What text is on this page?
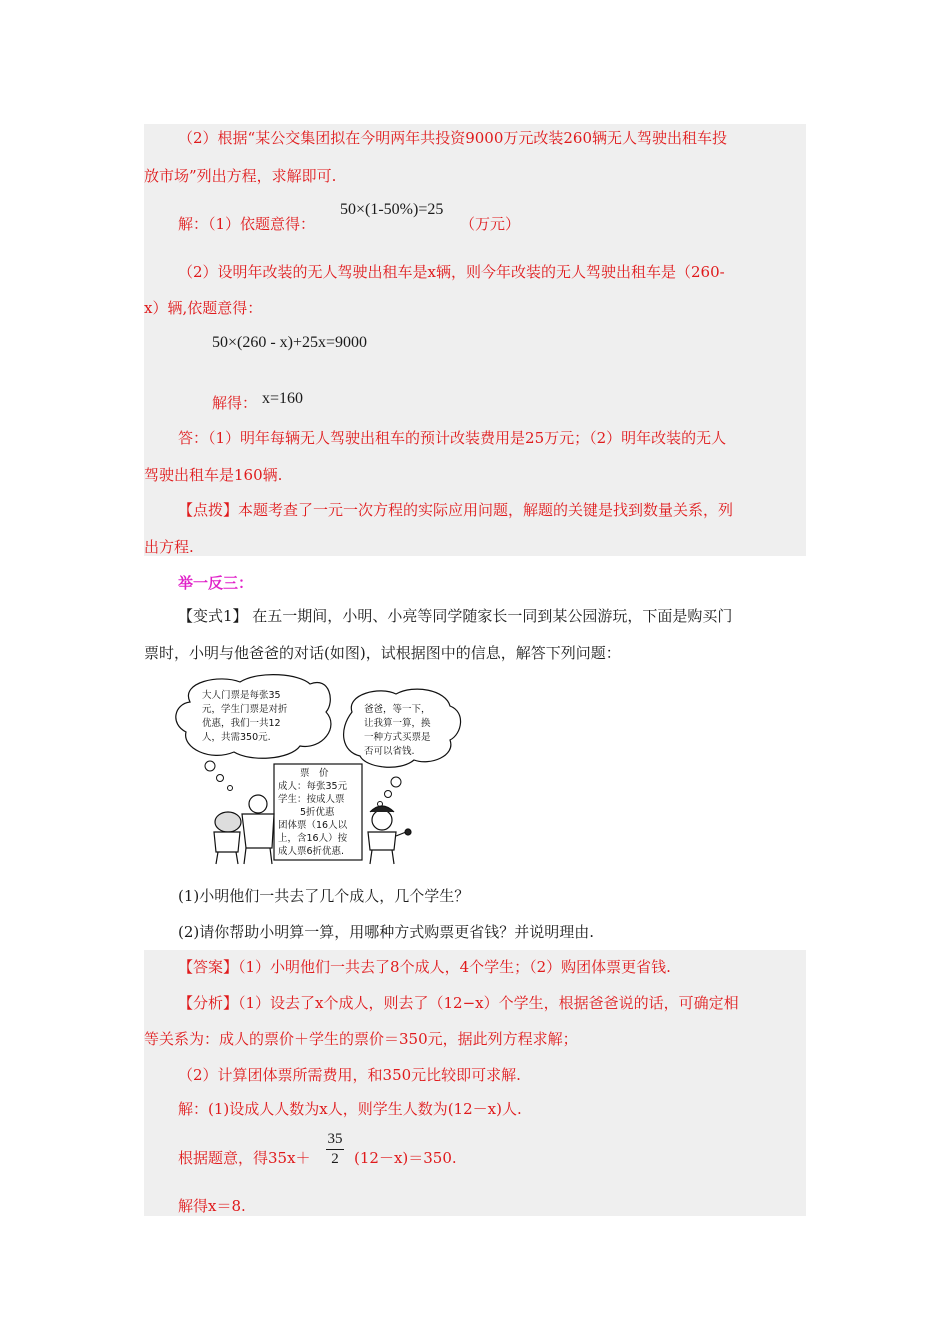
（2）根据“某公交集团拟在今明两年共投资9000万元改装260辆无人驾驶出租车投
放市场”列出方程，求解即可.
解：（1）依题意得：
50×(1-50%)=25
（万元）
（2）设明年改装的无人驾驶出租车是x辆，则今年改装的无人驾驶出租车是（260-
x）辆,依题意得：
50×(260 - x)+25x=9000
解得： x=160
答：（1）明年每辆无人驾驶出租车的预计改装费用是25万元；（2）明年改装的无人
驾驶出租车是160辆.
【点拨】本题考查了一元一次方程的实际应用问题，解题的关键是找到数量关系，列
出方程.
举一反三：
【变式1】 在五一期间，小明、小亮等同学随家长一同到某公园游玩，下面是购买门
票时，小明与他爸爸的对话(如图)，试根据图中的信息，解答下列问题：
大人门票是每张35
元，学生门票是对折
优惠，我们一共12
人，共需350元.
爸爸，等一下，
让我算一算，换
一种方式买票是
否可以省钱.
票　价
成人：每张35元
学生：按成人票
5折优惠
团体票（16人以
上，含16人）按
成人票6折优惠.
(1)小明他们一共去了几个成人，几个学生？
(2)请你帮助小明算一算，用哪种方式购票更省钱？并说明理由.
【答案】（1）小明他们一共去了8个成人，4个学生；（2）购团体票更省钱.
【分析】（1）设去了x个成人，则去了（12−x）个学生，根据爸爸说的话，可确定相
等关系为：成人的票价＋学生的票价＝350元，据此列方程求解；
（2）计算团体票所需费用，和350元比较即可求解.
解：(1)设成人人数为x人，则学生人数为(12－x)人.
根据题意，得35x＋
35
2	(12－x)＝350.
解得x＝8.
